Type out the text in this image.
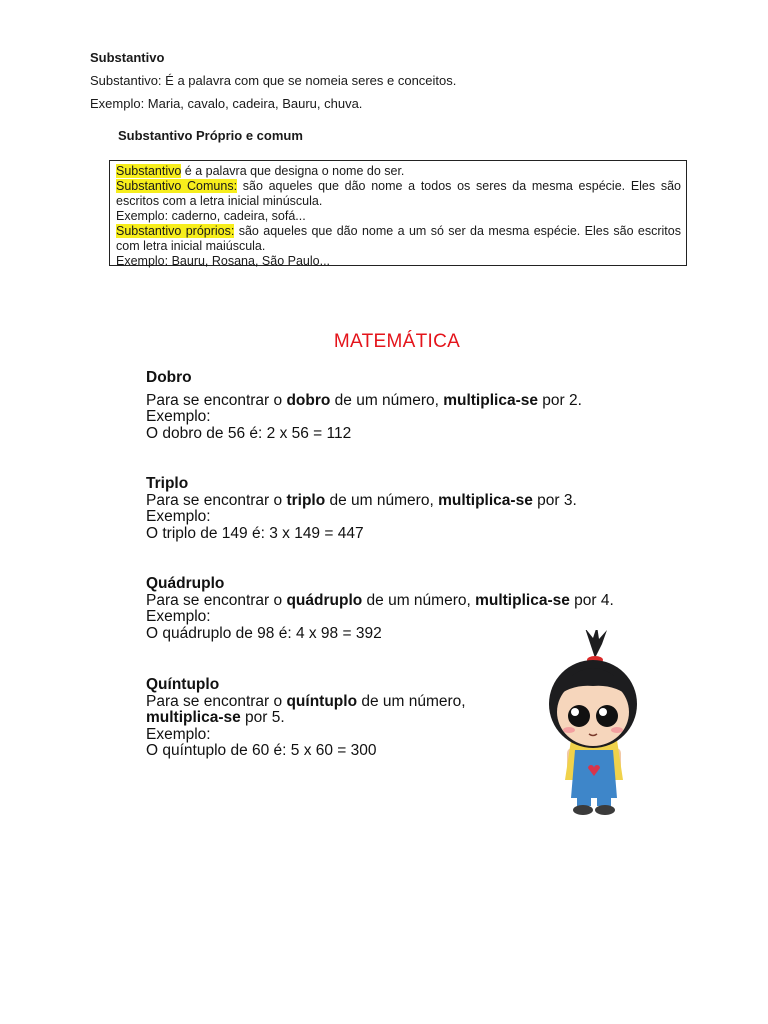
Substantivo
Substantivo: É a palavra com que se nomeia seres e conceitos.
Exemplo: Maria, cavalo, cadeira, Bauru, chuva.
Substantivo Próprio e comum

Substantivo é a palavra que designa o nome do ser.

Substantivo Comuns: são aqueles que dão nome a todos os seres da mesma espécie. Eles são escritos com a letra inicial minúscula.

Exemplo: caderno, cadeira, sofá...

Substantivo próprios: são aqueles que dão nome a um só ser da mesma espécie. Eles são escritos com letra inicial maiúscula.

Exemplo: Bauru, Rosana, São Paulo...

MATEMÁTICA

Dobro

Para se encontrar o dobro de um número, multiplica-se por 2.

Exemplo:

O dobro de 56 é: 2 x 56 = 112

Triplo

Para se encontrar o triplo de um número, multiplica-se por 3.

Exemplo:

O triplo de 149 é: 3 x 149 = 447

Quádruplo

Para se encontrar o quádruplo de um número, multiplica-se por 4.

Exemplo:

O quádruplo de 98 é: 4 x 98 = 392

Quíntuplo

Para se encontrar o quíntuplo de um número, multiplica-se por 5.

Exemplo:

O quíntuplo de 60 é: 5 x 60 = 300
